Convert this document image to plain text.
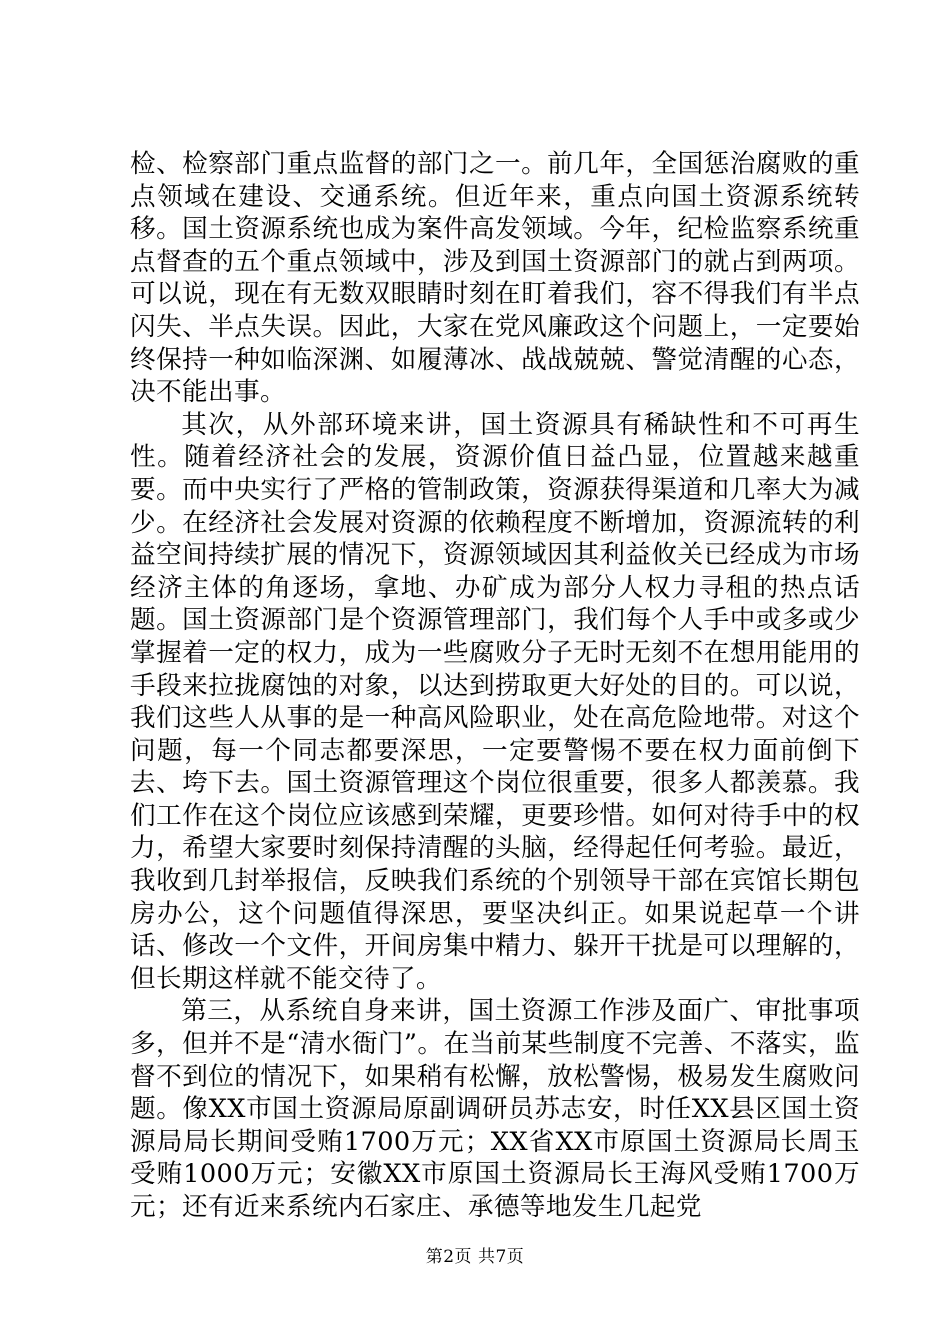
检、检察部门重点监督的部门之一。前几年，全国惩治腐败的重点领域在建设、交通系统。但近年来，重点向国土资源系统转移。国土资源系统也成为案件高发领域。今年，纪检监察系统重点督查的五个重点领域中，涉及到国土资源部门的就占到两项。可以说，现在有无数双眼睛时刻在盯着我们，容不得我们有半点闪失、半点失误。因此，大家在党风廉政这个问题上，一定要始终保持一种如临深渊、如履薄冰、战战兢兢、警觉清醒的心态，决不能出事。

其次，从外部环境来讲，国土资源具有稀缺性和不可再生性。随着经济社会的发展，资源价值日益凸显，位置越来越重要。而中央实行了严格的管制政策，资源获得渠道和几率大为减少。在经济社会发展对资源的依赖程度不断增加，资源流转的利益空间持续扩展的情况下，资源领域因其利益攸关已经成为市场经济主体的角逐场，拿地、办矿成为部分人权力寻租的热点话题。国土资源部门是个资源管理部门，我们每个人手中或多或少掌握着一定的权力，成为一些腐败分子无时无刻不在想用能用的手段来拉拢腐蚀的对象，以达到捞取更大好处的目的。可以说，我们这些人从事的是一种高风险职业，处在高危险地带。对这个问题，每一个同志都要深思，一定要警惕不要在权力面前倒下去、垮下去。国土资源管理这个岗位很重要，很多人都羡慕。我们工作在这个岗位应该感到荣耀，更要珍惜。如何对待手中的权力，希望大家要时刻保持清醒的头脑，经得起任何考验。最近，我收到几封举报信，反映我们系统的个别领导干部在宾馆长期包房办公，这个问题值得深思，要坚决纠正。如果说起草一个讲话、修改一个文件，开间房集中精力、躲开干扰是可以理解的，但长期这样就不能交待了。

第三，从系统自身来讲，国土资源工作涉及面广、审批事项多，但并不是“清水衙门”。在当前某些制度不完善、不落实，监督不到位的情况下，如果稍有松懈，放松警惕，极易发生腐败问题。像XX市国土资源局原副调研员苏志安，时任XX县区国土资源局局长期间受贿1700万元；XX省XX市原国土资源局长周玉受贿1000万元；安徽XX市原国土资源局长王海风受贿1700万元；还有近来系统内石家庄、承德等地发生几起党

第2页 共7页
